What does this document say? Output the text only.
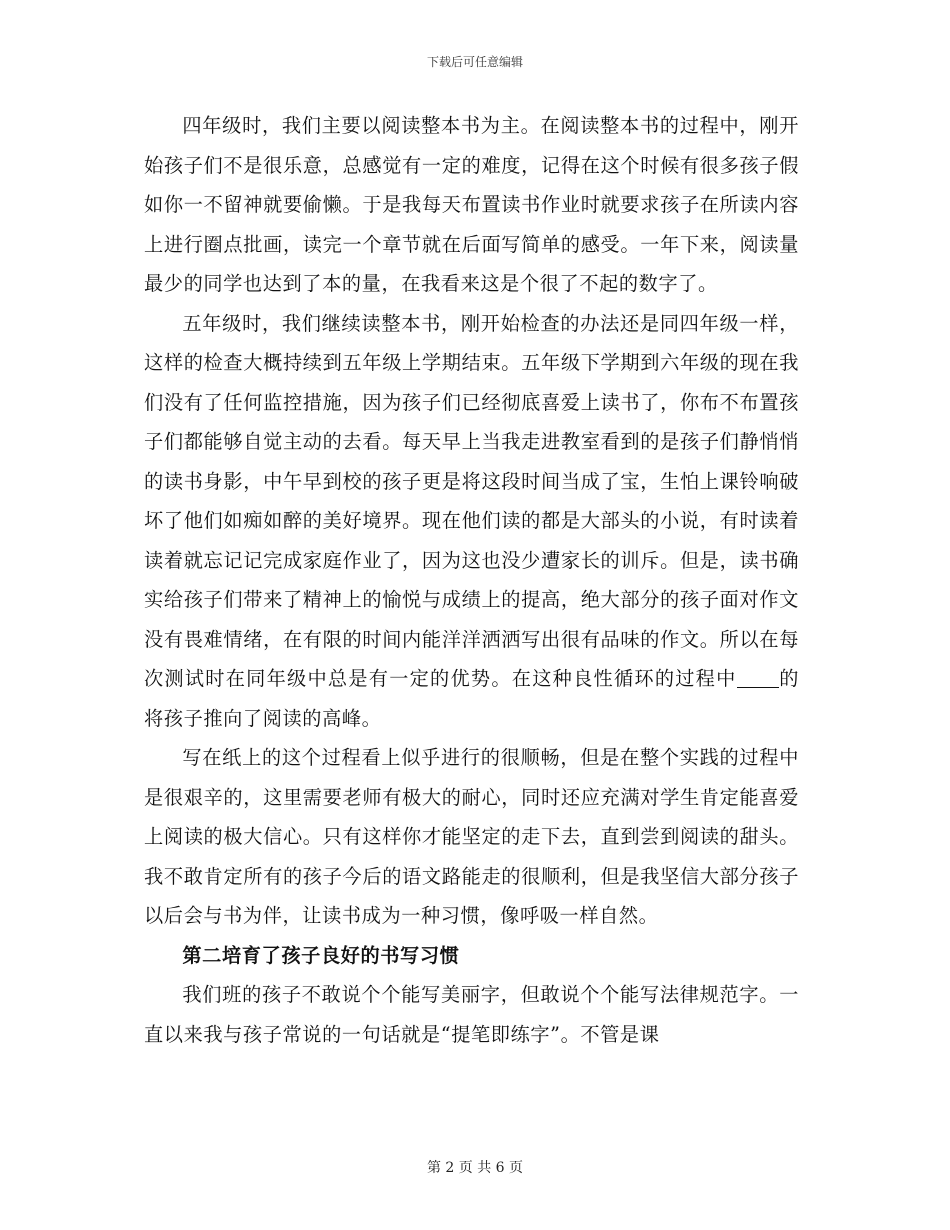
下载后可任意编辑

四年级时，我们主要以阅读整本书为主。在阅读整本书的过程中，刚开始孩子们不是很乐意，总感觉有一定的难度，记得在这个时候有很多孩子假如你一不留神就要偷懒。于是我每天布置读书作业时就要求孩子在所读内容上进行圈点批画，读完一个章节就在后面写简单的感受。一年下来，阅读量最少的同学也达到了本的量，在我看来这是个很了不起的数字了。

五年级时，我们继续读整本书，刚开始检查的办法还是同四年级一样，这样的检查大概持续到五年级上学期结束。五年级下学期到六年级的现在我们没有了任何监控措施，因为孩子们已经彻底喜爱上读书了，你布不布置孩子们都能够自觉主动的去看。每天早上当我走进教室看到的是孩子们静悄悄的读书身影，中午早到校的孩子更是将这段时间当成了宝，生怕上课铃响破坏了他们如痴如醉的美好境界。现在他们读的都是大部头的小说，有时读着读着就忘记记完成家庭作业了，因为这也没少遭家长的训斥。但是，读书确实给孩子们带来了精神上的愉悦与成绩上的提高，绝大部分的孩子面对作文没有畏难情绪，在有限的时间内能洋洋洒洒写出很有品味的作文。所以在每次测试时在同年级中总是有一定的优势。在这种良性循环的过程中 的将孩子推向了阅读的高峰。

写在纸上的这个过程看上似乎进行的很顺畅，但是在整个实践的过程中是很艰辛的，这里需要老师有极大的耐心，同时还应充满对学生肯定能喜爱上阅读的极大信心。只有这样你才能坚定的走下去，直到尝到阅读的甜头。我不敢肯定所有的孩子今后的语文路能走的很顺利，但是我坚信大部分孩子以后会与书为伴，让读书成为一种习惯，像呼吸一样自然。

第二培育了孩子良好的书写习惯

我们班的孩子不敢说个个能写美丽字，但敢说个个能写法律规范字。一直以来我与孩子常说的一句话就是“提笔即练字”。不管是课

第 2 页 共 6 页
